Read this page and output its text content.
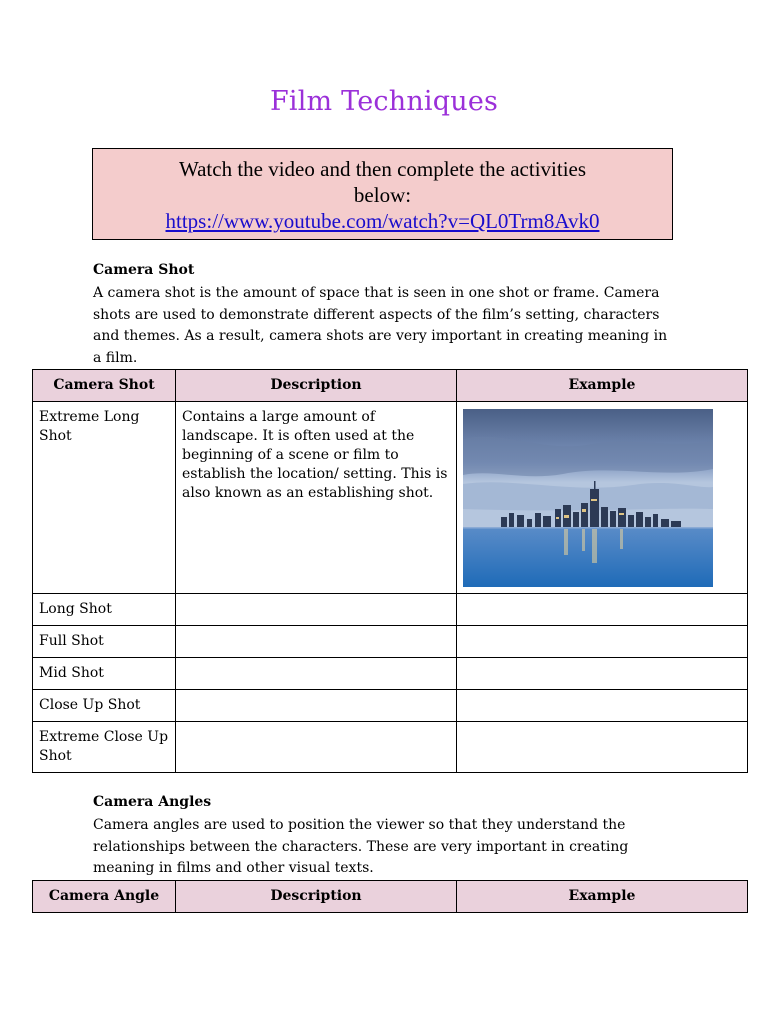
Film Techniques
Watch the video and then complete the activities
below:
https://www.youtube.com/watch?v=QL0Trm8Avk0
Camera Shot
A camera shot is the amount of space that is seen in one shot or frame. Camera shots are used to demonstrate different aspects of the film’s setting, characters and themes. As a result, camera shots are very important in creating meaning in a film.
Camera Shot	Description	Example
Extreme Long Shot	Contains a large amount of landscape. It is often used at the beginning of a scene or film to establish the location/ setting. This is also known as an establishing shot.	

Long Shot		
Full Shot		
Mid Shot		
Close Up Shot		
Extreme Close Up Shot		
Camera Angles
Camera angles are used to position the viewer so that they understand the relationships between the characters. These are very important in creating meaning in films and other visual texts.
Camera Angle	Description	Example
